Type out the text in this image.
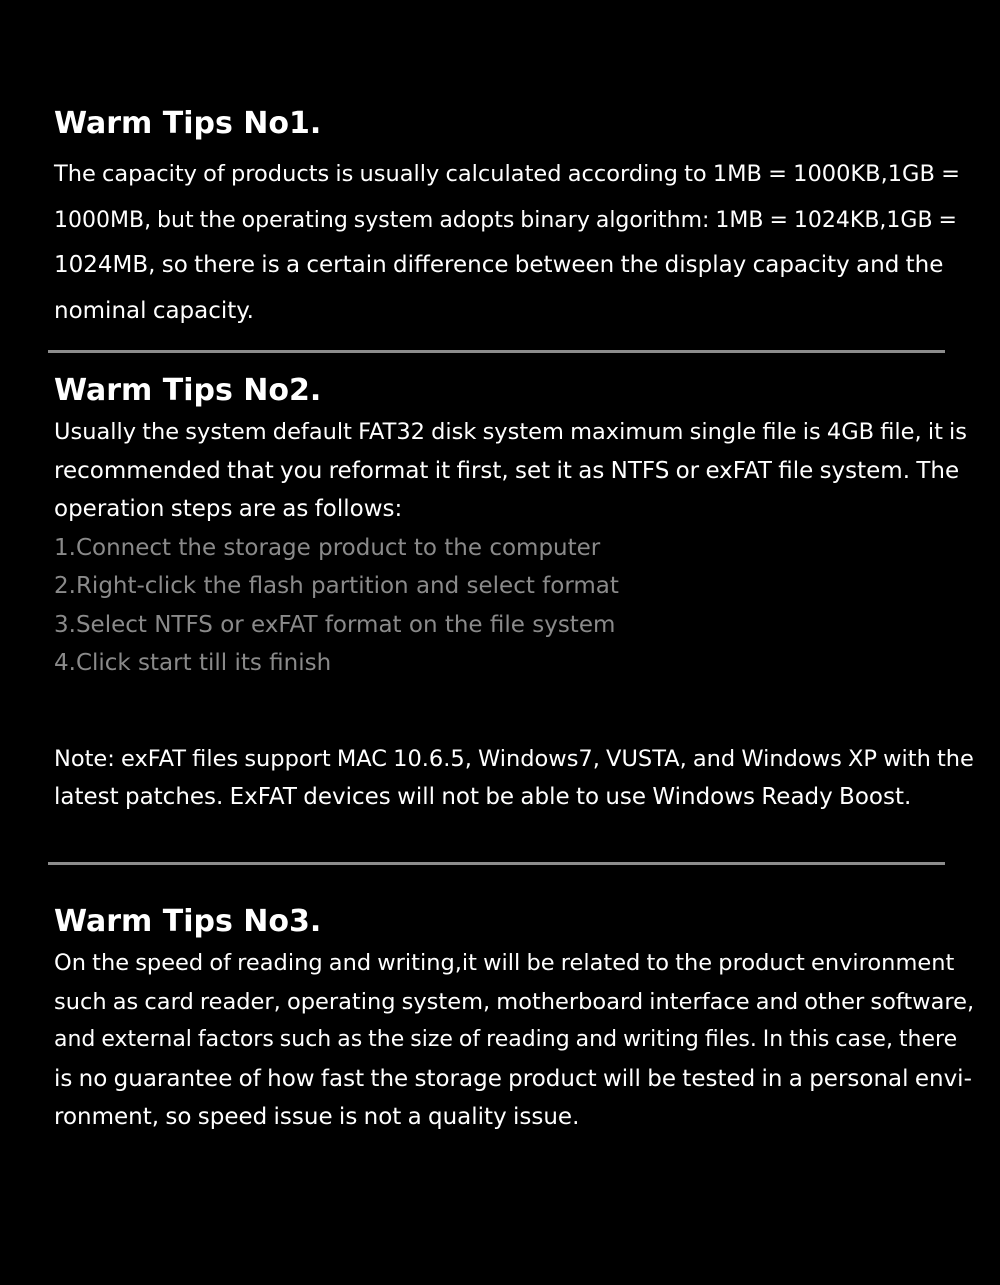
Warm Tips No1.

The capacity of products is usually calculated according to 1MB = 1000KB,1GB =
1000MB, but the operating system adopts binary algorithm: 1MB = 1024KB,1GB =
1024MB, so there is a certain difference between the display capacity and the
nominal capacity.

Warm Tips No2.

Usually the system default FAT32 disk system maximum single file is 4GB file, it is
recommended that you reformat it first, set it as NTFS or exFAT file system. The
operation steps are as follows:

1.Connect the storage product to the computer
2.Right-click the flash partition and select format
3.Select NTFS or exFAT format on the file system
4.Click start till its finish

Note: exFAT files support MAC 10.6.5, Windows7, VUSTA, and Windows XP with the
latest patches. ExFAT devices will not be able to use Windows Ready Boost.

Warm Tips No3.

On the speed of reading and writing,it will be related to the product environment
such as card reader, operating system, motherboard interface and other software,
and external factors such as the size of reading and writing files. In this case, there
is no guarantee of how fast the storage product will be tested in a personal envi-
ronment, so speed issue is not a quality issue.
